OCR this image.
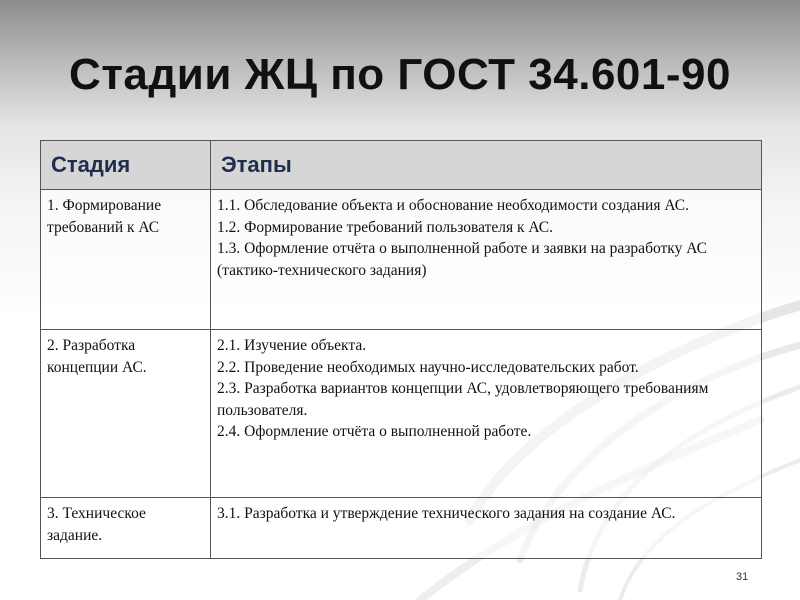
Стадии ЖЦ по ГОСТ 34.601-90
Стадия	Этапы
1. Формирование требований к АС	1.1. Обследование объекта и обоснование необходимости создания АС.
1.2. Формирование требований пользователя к АС.
1.3. Оформление отчёта о выполненной работе и заявки на разработку АС (тактико-технического задания)

2. Разработка концепции АС.	2.1. Изучение объекта.
2.2. Проведение необходимых научно-исследовательских работ.
2.3. Разработка вариантов концепции АС, удовлетворяющего требованиям пользователя.
2.4. Оформление отчёта о выполненной работе.

3. Техническое задание.	3.1. Разработка и утверждение технического задания на создание АС.
31
